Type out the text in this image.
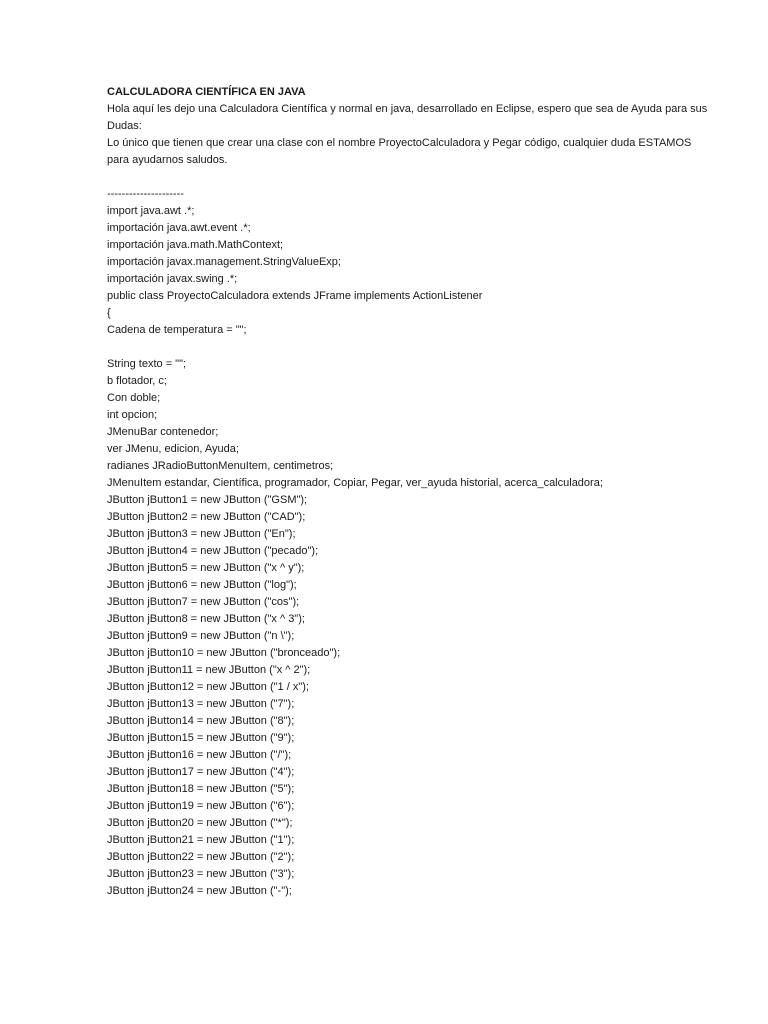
CALCULADORA CIENTÍFICA EN JAVA
Hola aquí les dejo una Calculadora Científica y normal en java, desarrollado en Eclipse, espero que sea de Ayuda para sus
Dudas:
Lo único que tienen que crear una clase con el nombre ProyectoCalculadora y Pegar código, cualquier duda ESTAMOS
para ayudarnos saludos.
---------------------
import java.awt .*;
importación java.awt.event .*;
importación java.math.MathContext;
importación javax.management.StringValueExp;
importación javax.swing .*;
public class ProyectoCalculadora extends JFrame implements ActionListener
{
Cadena de temperatura = "";
String texto = "";
b flotador, c;
Con doble;
int opcion;
JMenuBar contenedor;
ver JMenu, edicion, Ayuda;
radianes JRadioButtonMenuItem, centimetros;
JMenuItem estandar, Científica, programador, Copiar, Pegar, ver_ayuda historial, acerca_calculadora;
JButton jButton1 = new JButton ("GSM");
JButton jButton2 = new JButton ("CAD");
JButton jButton3 = new JButton ("En");
JButton jButton4 = new JButton ("pecado");
JButton jButton5 = new JButton ("x ^ y");
JButton jButton6 = new JButton ("log");
JButton jButton7 = new JButton ("cos");
JButton jButton8 = new JButton ("x ^ 3");
JButton jButton9 = new JButton ("n \");
JButton jButton10 = new JButton ("bronceado");
JButton jButton11 = new JButton ("x ^ 2");
JButton jButton12 = new JButton ("1 / x");
JButton jButton13 = new JButton ("7");
JButton jButton14 = new JButton ("8");
JButton jButton15 = new JButton ("9");
JButton jButton16 = new JButton ("/");
JButton jButton17 = new JButton ("4");
JButton jButton18 = new JButton ("5");
JButton jButton19 = new JButton ("6");
JButton jButton20 = new JButton ("*");
JButton jButton21 = new JButton ("1");
JButton jButton22 = new JButton ("2");
JButton jButton23 = new JButton ("3");
JButton jButton24 = new JButton ("-");
